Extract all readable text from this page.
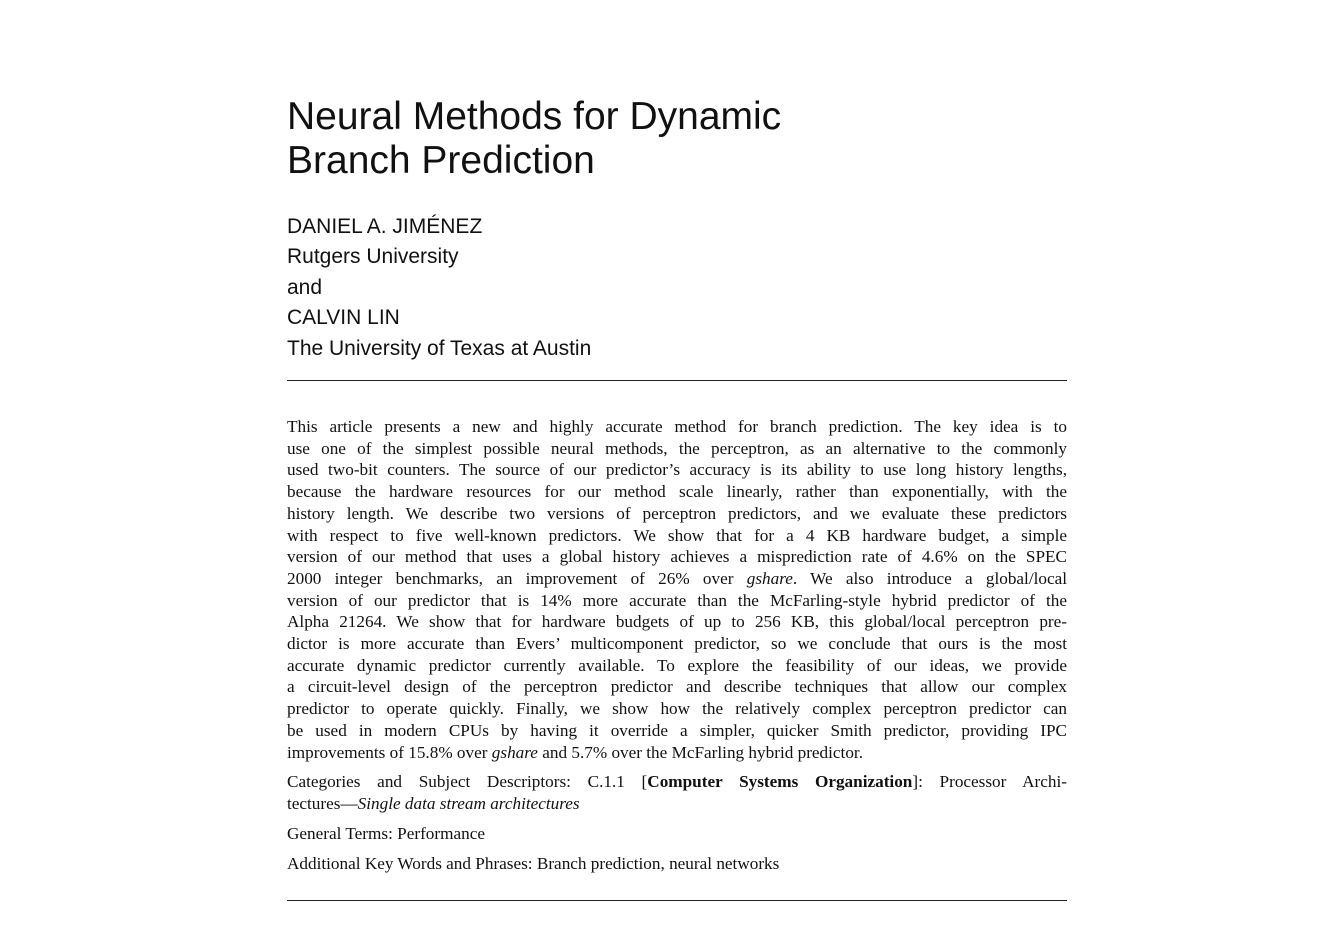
Neural Methods for Dynamic
Branch Prediction
DANIEL A. JIMÉNEZ
Rutgers University
and
CALVIN LIN
The University of Texas at Austin

This article presents a new and highly accurate method for branch prediction. The key idea is to
use one of the simplest possible neural methods, the perceptron, as an alternative to the commonly
used two-bit counters. The source of our predictor’s accuracy is its ability to use long history lengths,
because the hardware resources for our method scale linearly, rather than exponentially, with the
history length. We describe two versions of perceptron predictors, and we evaluate these predictors
with respect to five well-known predictors. We show that for a 4 KB hardware budget, a simple
version of our method that uses a global history achieves a misprediction rate of 4.6% on the SPEC
2000 integer benchmarks, an improvement of 26% over gshare. We also introduce a global/local
version of our predictor that is 14% more accurate than the McFarling-style hybrid predictor of the
Alpha 21264. We show that for hardware budgets of up to 256 KB, this global/local perceptron pre-
dictor is more accurate than Evers’ multicomponent predictor, so we conclude that ours is the most
accurate dynamic predictor currently available. To explore the feasibility of our ideas, we provide
a circuit-level design of the perceptron predictor and describe techniques that allow our complex
predictor to operate quickly. Finally, we show how the relatively complex perceptron predictor can
be used in modern CPUs by having it override a simpler, quicker Smith predictor, providing IPC
improvements of 15.8% over gshare and 5.7% over the McFarling hybrid predictor.

Categories and Subject Descriptors: C.1.1 [Computer Systems Organization]: Processor Archi-
tectures—Single data stream architectures

General Terms: Performance

Additional Key Words and Phrases: Branch prediction, neural networks
